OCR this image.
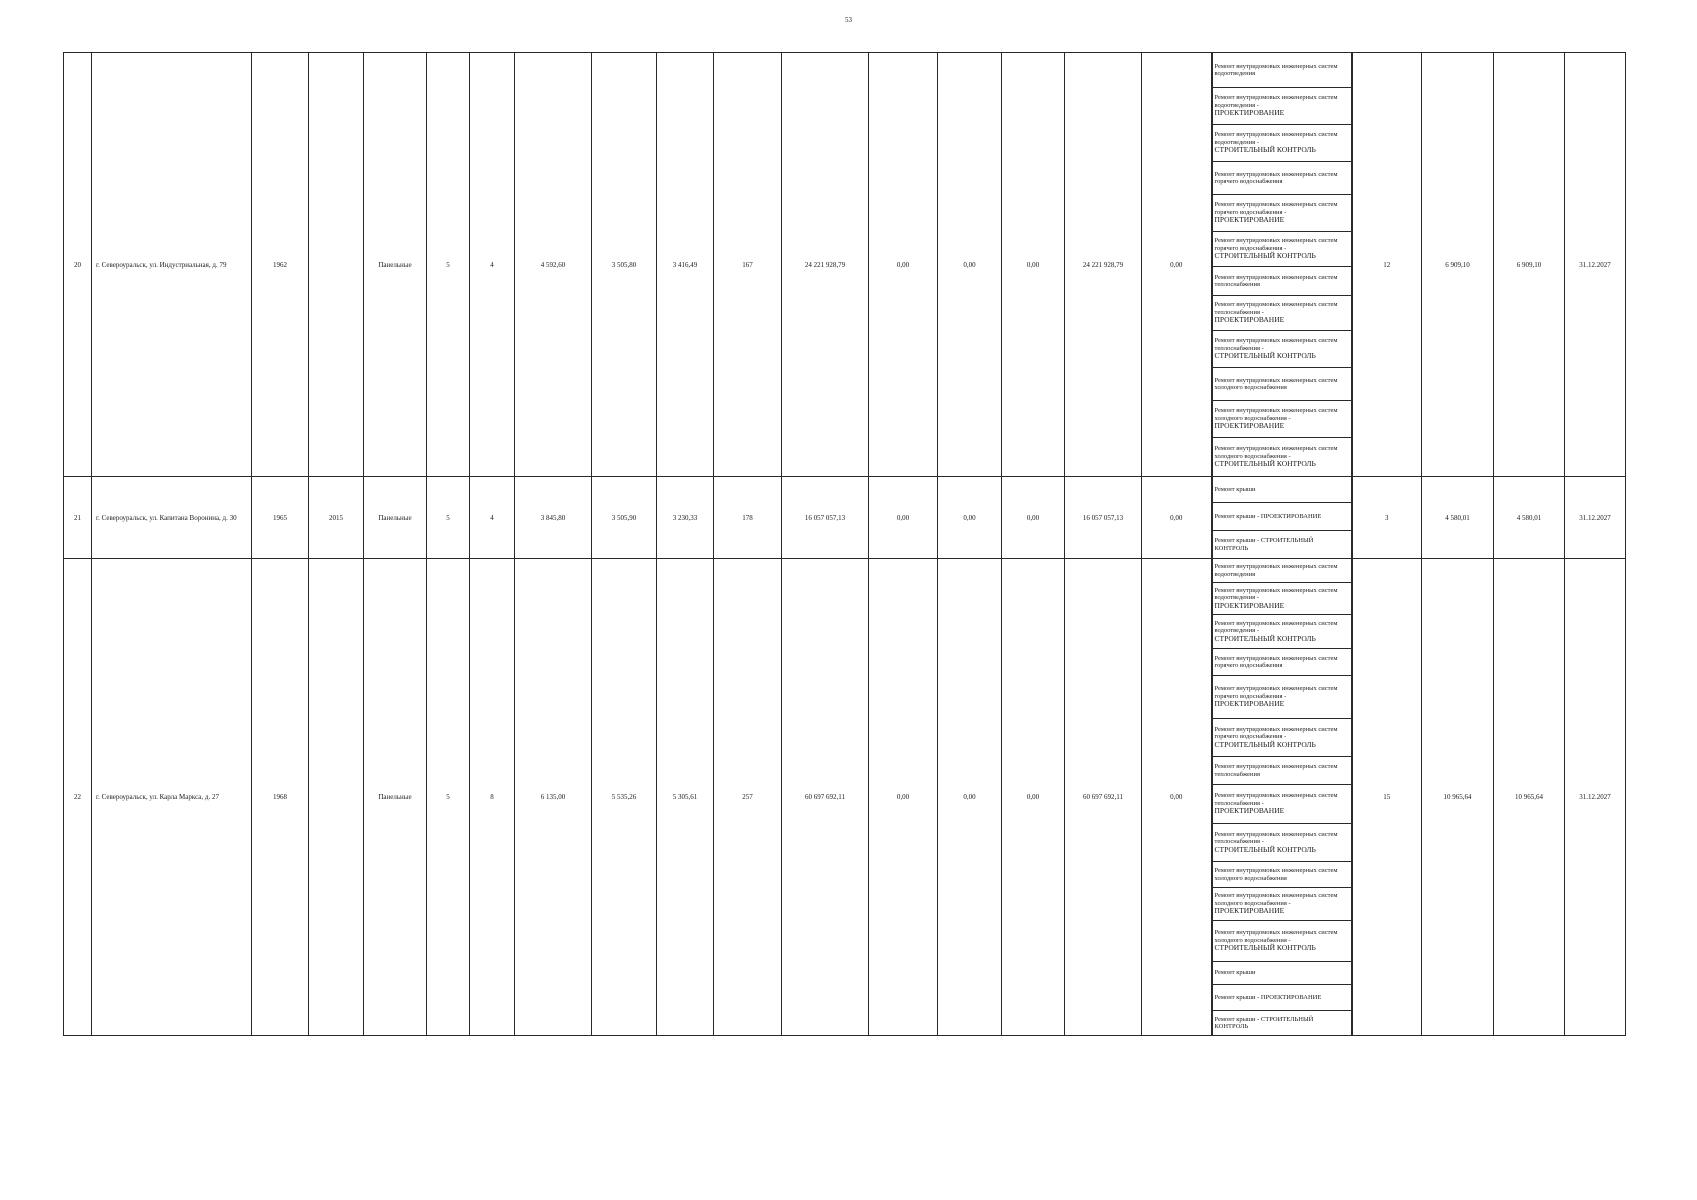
53
20	г. Североуральск, ул. Индустриальная, д. 79	1962		Панельные	5	4	4 592,60	3 505,80	3 416,49	167	24 221 928,79	0,00	0,00	0,00	24 221 928,79	0,00	Ремонт внутридомовых инженерных систем водоотведения	12	6 909,10	6 909,10	31.12.2027
																	Ремонт внутридомовых инженерных систем водоотведения -
ПРОЕКТИРОВАНИЕ				
																	Ремонт внутридомовых инженерных систем водоотведения -
СТРОИТЕЛЬНЫЙ КОНТРОЛЬ				
																	Ремонт внутридомовых инженерных систем горячего водоснабжения				
																	Ремонт внутридомовых инженерных систем горячего водоснабжения -
ПРОЕКТИРОВАНИЕ				
																	Ремонт внутридомовых инженерных систем горячего водоснабжения -
СТРОИТЕЛЬНЫЙ КОНТРОЛЬ				
																	Ремонт внутридомовых инженерных систем теплоснабжения				
																	Ремонт внутридомовых инженерных систем теплоснабжения -
ПРОЕКТИРОВАНИЕ				
																	Ремонт внутридомовых инженерных систем теплоснабжения -
СТРОИТЕЛЬНЫЙ КОНТРОЛЬ				
																	Ремонт внутридомовых инженерных систем холодного водоснабжения				
																	Ремонт внутридомовых инженерных систем холодного водоснабжения -
ПРОЕКТИРОВАНИЕ				
																	Ремонт внутридомовых инженерных систем холодного водоснабжения -
СТРОИТЕЛЬНЫЙ КОНТРОЛЬ				
21	г. Североуральск, ул. Капитана Воронина, д. 30	1965	2015	Панельные	5	4	3 845,80	3 505,90	3 230,33	178	16 057 057,13	0,00	0,00	0,00	16 057 057,13	0,00	Ремонт крыши	3	4 580,01	4 580,01	31.12.2027
																	Ремонт крыши - ПРОЕКТИРОВАНИЕ				
																	Ремонт крыши - СТРОИТЕЛЬНЫЙ КОНТРОЛЬ				
22	г. Североуральск, ул. Карла Маркса, д. 27	1968		Панельные	5	8	6 135,00	5 535,26	5 305,61	257	60 697 692,11	0,00	0,00	0,00	60 697 692,11	0,00	Ремонт внутридомовых инженерных систем водоотведения	15	10 965,64	10 965,64	31.12.2027
																	Ремонт внутридомовых инженерных систем водоотведения -
ПРОЕКТИРОВАНИЕ				
																	Ремонт внутридомовых инженерных систем водоотведения -
СТРОИТЕЛЬНЫЙ КОНТРОЛЬ				
																	Ремонт внутридомовых инженерных систем горячего водоснабжения				
																	Ремонт внутридомовых инженерных систем горячего водоснабжения -
ПРОЕКТИРОВАНИЕ				
																	Ремонт внутридомовых инженерных систем горячего водоснабжения -
СТРОИТЕЛЬНЫЙ КОНТРОЛЬ				
																	Ремонт внутридомовых инженерных систем теплоснабжения				
																	Ремонт внутридомовых инженерных систем теплоснабжения -
ПРОЕКТИРОВАНИЕ				
																	Ремонт внутридомовых инженерных систем теплоснабжения -
СТРОИТЕЛЬНЫЙ КОНТРОЛЬ				
																	Ремонт внутридомовых инженерных систем холодного водоснабжения				
																	Ремонт внутридомовых инженерных систем холодного водоснабжения -
ПРОЕКТИРОВАНИЕ				
																	Ремонт внутридомовых инженерных систем холодного водоснабжения -
СТРОИТЕЛЬНЫЙ КОНТРОЛЬ				
																	Ремонт крыши				
																	Ремонт крыши - ПРОЕКТИРОВАНИЕ				
																	Ремонт крыши - СТРОИТЕЛЬНЫЙ КОНТРОЛЬ				
